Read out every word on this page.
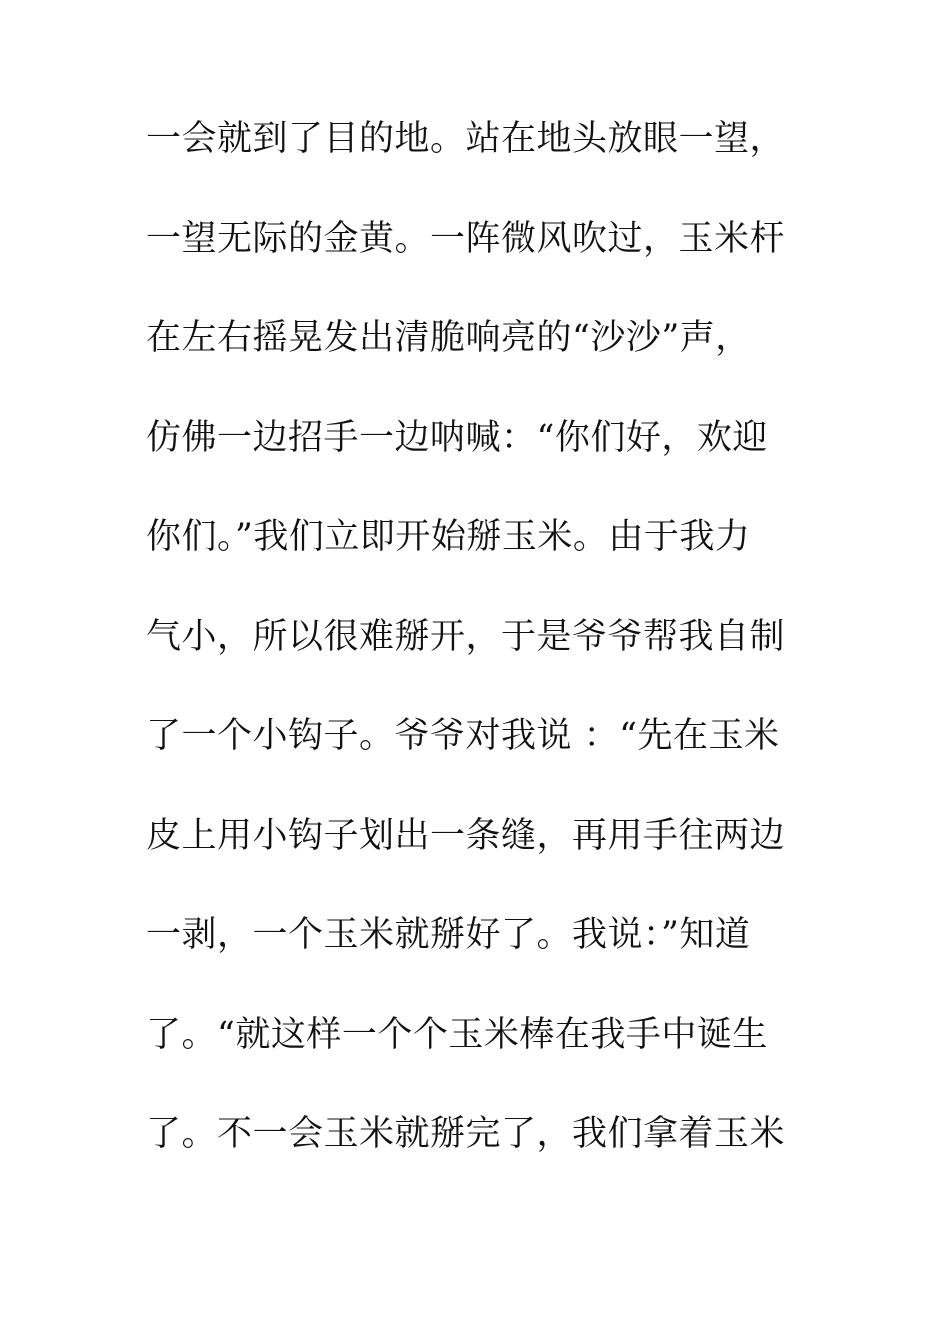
一会就到了目的地。站在地头放眼一望，
一望无际的金黄。一阵微风吹过，玉米杆
在左右摇晃发出清脆响亮的“沙沙”声，
仿佛一边招手一边呐喊：“你们好，欢迎
你们。”我们立即开始掰玉米。由于我力
气小，所以很难掰开，于是爷爷帮我自制
了一个小钩子。爷爷对我说 ：“先在玉米
皮上用小钩子划出一条缝，再用手往两边
一剥，一个玉米就掰好了。我说：”知道
了。“就这样一个个玉米棒在我手中诞生
了。不一会玉米就掰完了，我们拿着玉米
